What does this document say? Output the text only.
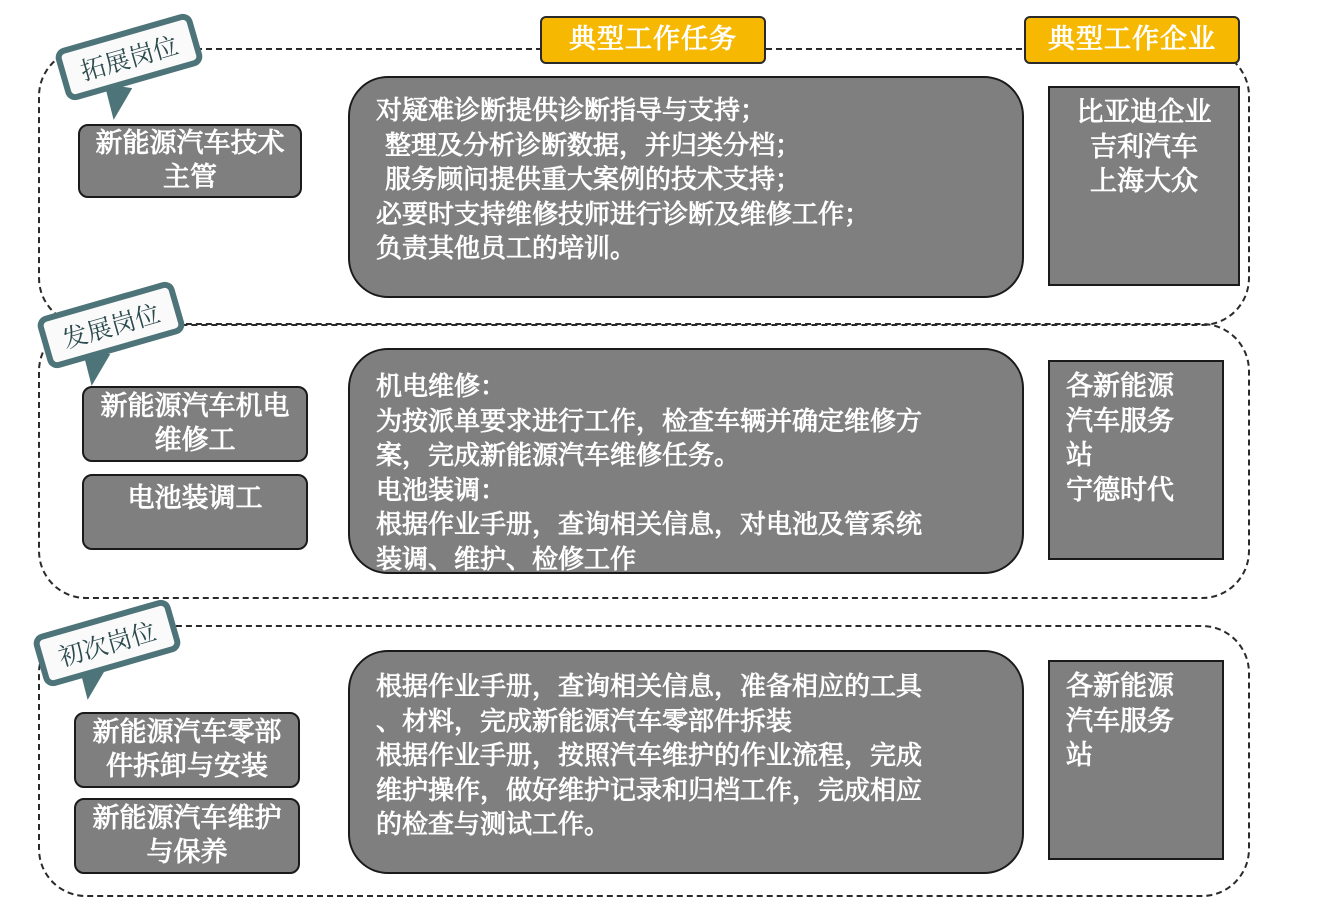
典型工作任务	典型工作企业
拓展岗位
发展岗位
初次岗位
新能源汽车技术主管
对疑难诊断提供诊断指导与支持；
整理及分析诊断数据，并归类分档；
服务顾问提供重大案例的技术支持；
必要时支持维修技师进行诊断及维修工作；
负责其他员工的培训。
比亚迪企业
吉利汽车
上海大众
新能源汽车机电维修工
电池装调工
机电维修：
为按派单要求进行工作，检查车辆并确定维修方
案，完成新能源汽车维修任务。
电池装调：
根据作业手册，查询相关信息，对电池及管系统
装调、维护、检修工作
各新能源
汽车服务
站
宁德时代
新能源汽车零部件拆卸与安装
新能源汽车维护与保养
根据作业手册，查询相关信息，准备相应的工具
、材料，完成新能源汽车零部件拆装
根据作业手册，按照汽车维护的作业流程，完成
维护操作，做好维护记录和归档工作，完成相应
的检查与测试工作。
各新能源
汽车服务
站
